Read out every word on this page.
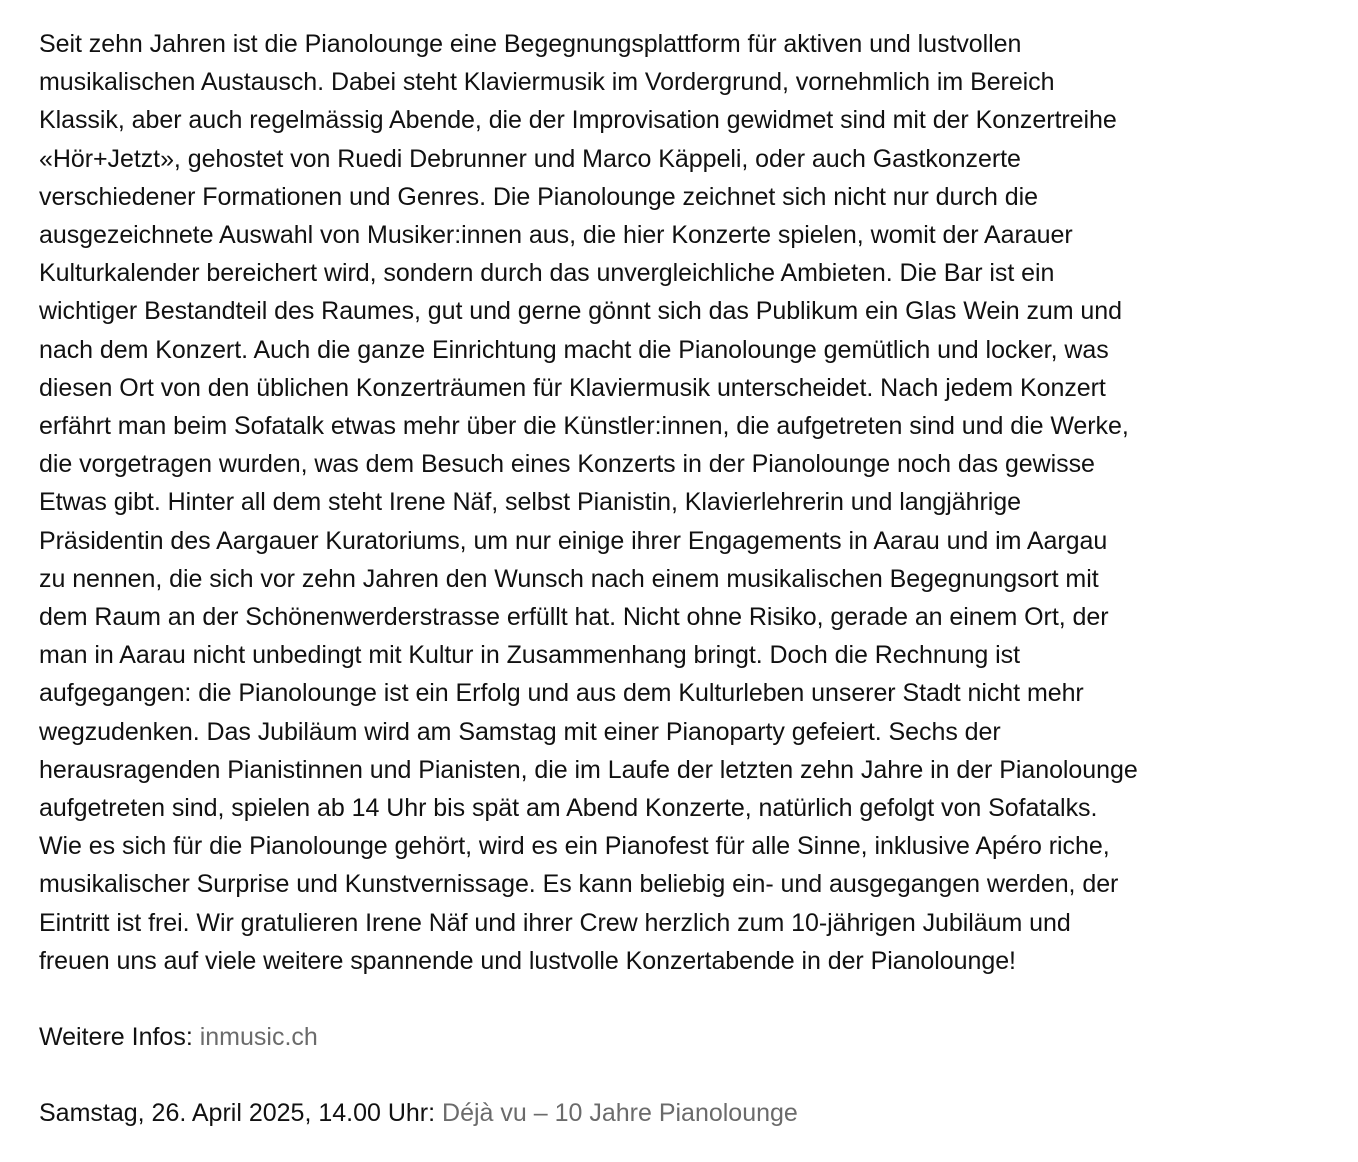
Seit zehn Jahren ist die Pianolounge eine Begegnungsplattform für aktiven und lustvollen
musikalischen Austausch. Dabei steht Klaviermusik im Vordergrund, vornehmlich im Bereich
Klassik, aber auch regelmässig Abende, die der Improvisation gewidmet sind mit der Konzertreihe
«Hör+Jetzt», gehostet von Ruedi Debrunner und Marco Käppeli, oder auch Gastkonzerte
verschiedener Formationen und Genres. Die Pianolounge zeichnet sich nicht nur durch die
ausgezeichnete Auswahl von Musiker:innen aus, die hier Konzerte spielen, womit der Aarauer
Kulturkalender bereichert wird, sondern durch das unvergleichliche Ambieten. Die Bar ist ein
wichtiger Bestandteil des Raumes, gut und gerne gönnt sich das Publikum ein Glas Wein zum und
nach dem Konzert. Auch die ganze Einrichtung macht die Pianolounge gemütlich und locker, was
diesen Ort von den üblichen Konzerträumen für Klaviermusik unterscheidet. Nach jedem Konzert
erfährt man beim Sofatalk etwas mehr über die Künstler:innen, die aufgetreten sind und die Werke,
die vorgetragen wurden, was dem Besuch eines Konzerts in der Pianolounge noch das gewisse
Etwas gibt. Hinter all dem steht Irene Näf, selbst Pianistin, Klavierlehrerin und langjährige
Präsidentin des Aargauer Kuratoriums, um nur einige ihrer Engagements in Aarau und im Aargau
zu nennen, die sich vor zehn Jahren den Wunsch nach einem musikalischen Begegnungsort mit
dem Raum an der Schönenwerderstrasse erfüllt hat. Nicht ohne Risiko, gerade an einem Ort, der
man in Aarau nicht unbedingt mit Kultur in Zusammenhang bringt. Doch die Rechnung ist
aufgegangen: die Pianolounge ist ein Erfolg und aus dem Kulturleben unserer Stadt nicht mehr
wegzudenken. Das Jubiläum wird am Samstag mit einer Pianoparty gefeiert. Sechs der
herausragenden Pianistinnen und Pianisten, die im Laufe der letzten zehn Jahre in der Pianolounge
aufgetreten sind, spielen ab 14 Uhr bis spät am Abend Konzerte, natürlich gefolgt von Sofatalks.
Wie es sich für die Pianolounge gehört, wird es ein Pianofest für alle Sinne, inklusive Apéro riche,
musikalischer Surprise und Kunstvernissage. Es kann beliebig ein- und ausgegangen werden, der
Eintritt ist frei. Wir gratulieren Irene Näf und ihrer Crew herzlich zum 10-jährigen Jubiläum und
freuen uns auf viele weitere spannende und lustvolle Konzertabende in der Pianolounge!

Weitere Infos: inmusic.ch

Samstag, 26. April 2025, 14.00 Uhr: Déjà vu – 10 Jahre Pianolounge
